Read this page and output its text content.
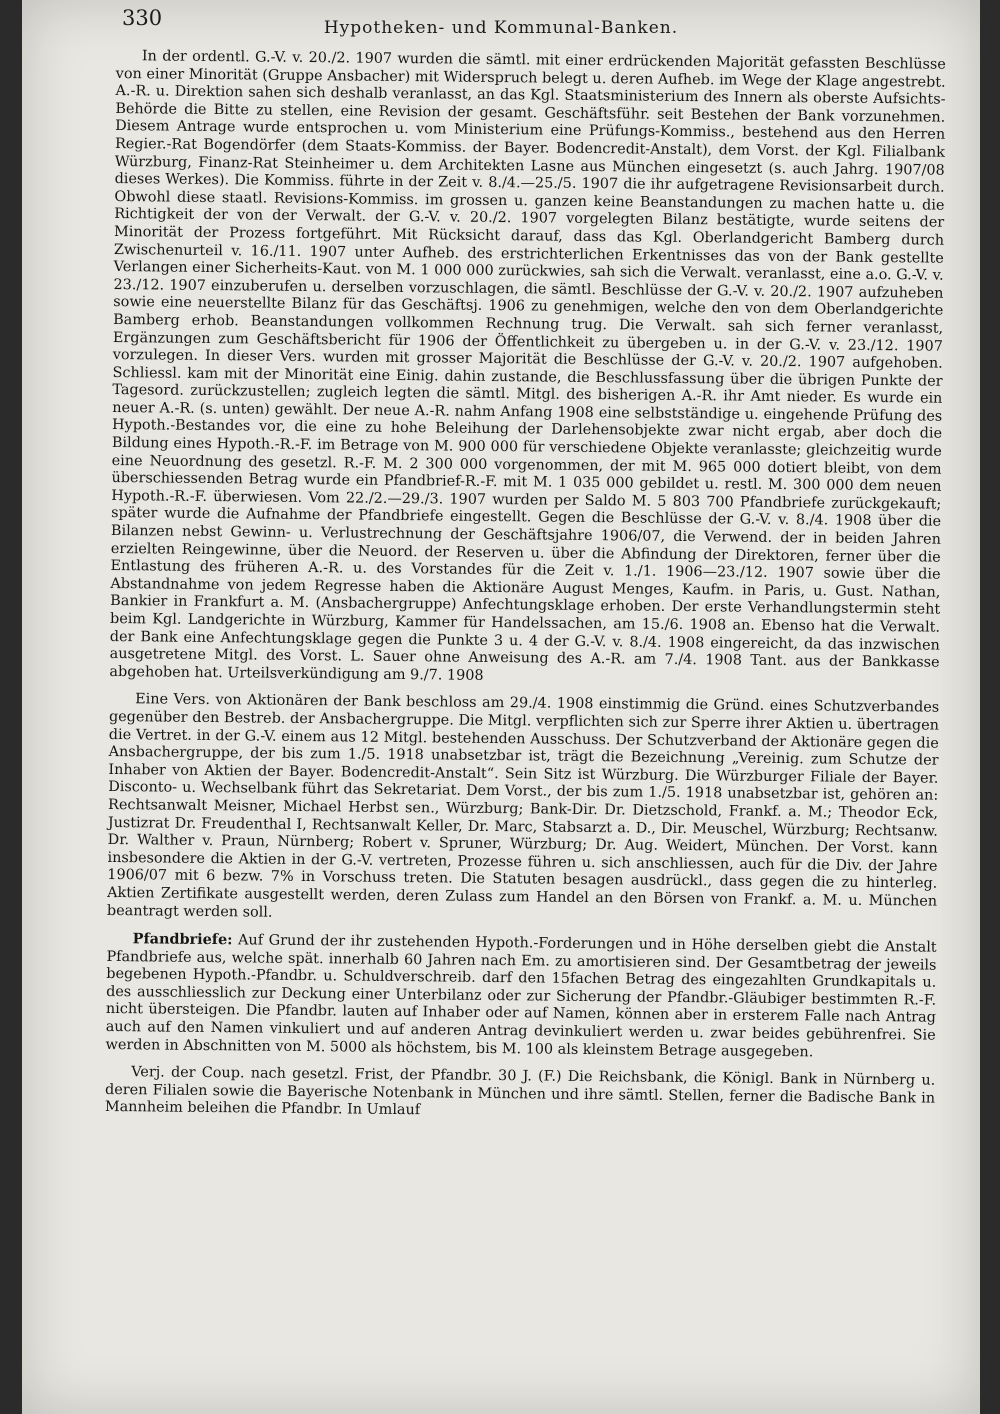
330	Hypotheken- und Kommunal-Banken.

In der ordentl. G.-V. v. 20./2. 1907 wurden die sämtl. mit einer erdrückenden Majorität gefassten Beschlüsse von einer Minorität (Gruppe Ansbacher) mit Widerspruch belegt u. deren Aufheb. im Wege der Klage angestrebt. A.-R. u. Direktion sahen sich deshalb veranlasst, an das Kgl. Staatsministerium des Innern als oberste Aufsichts-Behörde die Bitte zu stellen, eine Revision der gesamt. Geschäftsführ. seit Bestehen der Bank vorzunehmen. Diesem Antrage wurde entsprochen u. vom Ministerium eine Prüfungs-Kommiss., bestehend aus den Herren Regier.-Rat Bogendörfer (dem Staats-Kommiss. der Bayer. Bodencredit-Anstalt), dem Vorst. der Kgl. Filialbank Würzburg, Finanz-Rat Steinheimer u. dem Architekten Lasne aus München eingesetzt (s. auch Jahrg. 1907/08 dieses Werkes). Die Kommiss. führte in der Zeit v. 8./4.—25./5. 1907 die ihr aufgetragene Revisionsarbeit durch. Obwohl diese staatl. Revisions-Kommiss. im grossen u. ganzen keine Beanstandungen zu machen hatte u. die Richtigkeit der von der Verwalt. der G.-V. v. 20./2. 1907 vorgelegten Bilanz bestätigte, wurde seitens der Minorität der Prozess fortgeführt. Mit Rücksicht darauf, dass das Kgl. Oberlandgericht Bamberg durch Zwischenurteil v. 16./11. 1907 unter Aufheb. des erstrichterlichen Erkentnisses das von der Bank gestellte Verlangen einer Sicherheits-Kaut. von M. 1 000 000 zurückwies, sah sich die Verwalt. veranlasst, eine a.o. G.-V. v. 23./12. 1907 einzuberufen u. derselben vorzuschlagen, die sämtl. Beschlüsse der G.-V. v. 20./2. 1907 aufzuheben sowie eine neuerstellte Bilanz für das Geschäftsj. 1906 zu genehmigen, welche den von dem Oberlandgerichte Bamberg erhob. Beanstandungen vollkommen Rechnung trug. Die Verwalt. sah sich ferner veranlasst, Ergänzungen zum Geschäftsbericht für 1906 der Öffentlichkeit zu übergeben u. in der G.-V. v. 23./12. 1907 vorzulegen. In dieser Vers. wurden mit grosser Majorität die Beschlüsse der G.-V. v. 20./2. 1907 aufgehoben. Schliessl. kam mit der Minorität eine Einig. dahin zustande, die Beschlussfassung über die übrigen Punkte der Tagesord. zurückzustellen; zugleich legten die sämtl. Mitgl. des bisherigen A.-R. ihr Amt nieder. Es wurde ein neuer A.-R. (s. unten) gewählt. Der neue A.-R. nahm Anfang 1908 eine selbstständige u. eingehende Prüfung des Hypoth.-Bestandes vor, die eine zu hohe Beleihung der Darlehensobjekte zwar nicht ergab, aber doch die Bildung eines Hypoth.-R.-F. im Betrage von M. 900 000 für verschiedene Objekte veranlasste; gleichzeitig wurde eine Neuordnung des gesetzl. R.-F. M. 2 300 000 vorgenommen, der mit M. 965 000 dotiert bleibt, von dem überschiessenden Betrag wurde ein Pfandbrief-R.-F. mit M. 1 035 000 gebildet u. restl. M. 300 000 dem neuen Hypoth.-R.-F. überwiesen. Vom 22./2.—29./3. 1907 wurden per Saldo M. 5 803 700 Pfandbriefe zurückgekauft; später wurde die Aufnahme der Pfandbriefe eingestellt. Gegen die Beschlüsse der G.-V. v. 8./4. 1908 über die Bilanzen nebst Gewinn- u. Verlustrechnung der Geschäftsjahre 1906/07, die Verwend. der in beiden Jahren erzielten Reingewinne, über die Neuord. der Reserven u. über die Abfindung der Direktoren, ferner über die Entlastung des früheren A.-R. u. des Vorstandes für die Zeit v. 1./1. 1906—23./12. 1907 sowie über die Abstandnahme von jedem Regresse haben die Aktionäre August Menges, Kaufm. in Paris, u. Gust. Nathan, Bankier in Frankfurt a. M. (Ansbachergruppe) Anfechtungsklage erhoben. Der erste Verhandlungstermin steht beim Kgl. Landgerichte in Würzburg, Kammer für Handelssachen, am 15./6. 1908 an. Ebenso hat die Verwalt. der Bank eine Anfechtungsklage gegen die Punkte 3 u. 4 der G.-V. v. 8./4. 1908 eingereicht, da das inzwischen ausgetretene Mitgl. des Vorst. L. Sauer ohne Anweisung des A.-R. am 7./4. 1908 Tant. aus der Bankkasse abgehoben hat. Urteilsverkündigung am 9./7. 1908

Eine Vers. von Aktionären der Bank beschloss am 29./4. 1908 einstimmig die Gründ. eines Schutzverbandes gegenüber den Bestreb. der Ansbachergruppe. Die Mitgl. verpflichten sich zur Sperre ihrer Aktien u. übertragen die Vertret. in der G.-V. einem aus 12 Mitgl. bestehenden Ausschuss. Der Schutzverband der Aktionäre gegen die Ansbachergruppe, der bis zum 1./5. 1918 unabsetzbar ist, trägt die Bezeichnung „Vereinig. zum Schutze der Inhaber von Aktien der Bayer. Bodencredit-Anstalt“. Sein Sitz ist Würzburg. Die Würzburger Filiale der Bayer. Disconto- u. Wechselbank führt das Sekretariat. Dem Vorst., der bis zum 1./5. 1918 unabsetzbar ist, gehören an: Rechtsanwalt Meisner, Michael Herbst sen., Würzburg; Bank-Dir. Dr. Dietzschold, Frankf. a. M.; Theodor Eck, Justizrat Dr. Freudenthal I, Rechtsanwalt Keller, Dr. Marc, Stabsarzt a. D., Dir. Meuschel, Würzburg; Rechtsanw. Dr. Walther v. Praun, Nürnberg; Robert v. Spruner, Würzburg; Dr. Aug. Weidert, München. Der Vorst. kann insbesondere die Aktien in der G.-V. vertreten, Prozesse führen u. sich anschliessen, auch für die Div. der Jahre 1906/07 mit 6 bezw. 7% in Vorschuss treten. Die Statuten besagen ausdrückl., dass gegen die zu hinterleg. Aktien Zertifikate ausgestellt werden, deren Zulass zum Handel an den Börsen von Frankf. a. M. u. München beantragt werden soll.

Pfandbriefe: Auf Grund der ihr zustehenden Hypoth.-Forderungen und in Höhe derselben giebt die Anstalt Pfandbriefe aus, welche spät. innerhalb 60 Jahren nach Em. zu amortisieren sind. Der Gesamtbetrag der jeweils begebenen Hypoth.-Pfandbr. u. Schuldverschreib. darf den 15fachen Betrag des eingezahlten Grundkapitals u. des ausschliesslich zur Deckung einer Unterbilanz oder zur Sicherung der Pfandbr.-Gläubiger bestimmten R.-F. nicht übersteigen. Die Pfandbr. lauten auf Inhaber oder auf Namen, können aber in ersterem Falle nach Antrag auch auf den Namen vinkuliert und auf anderen Antrag devinkuliert werden u. zwar beides gebührenfrei. Sie werden in Abschnitten von M. 5000 als höchstem, bis M. 100 als kleinstem Betrage ausgegeben.

Verj. der Coup. nach gesetzl. Frist, der Pfandbr. 30 J. (F.) Die Reichsbank, die Königl. Bank in Nürnberg u. deren Filialen sowie die Bayerische Notenbank in München und ihre sämtl. Stellen, ferner die Badische Bank in Mannheim beleihen die Pfandbr. In Umlauf
